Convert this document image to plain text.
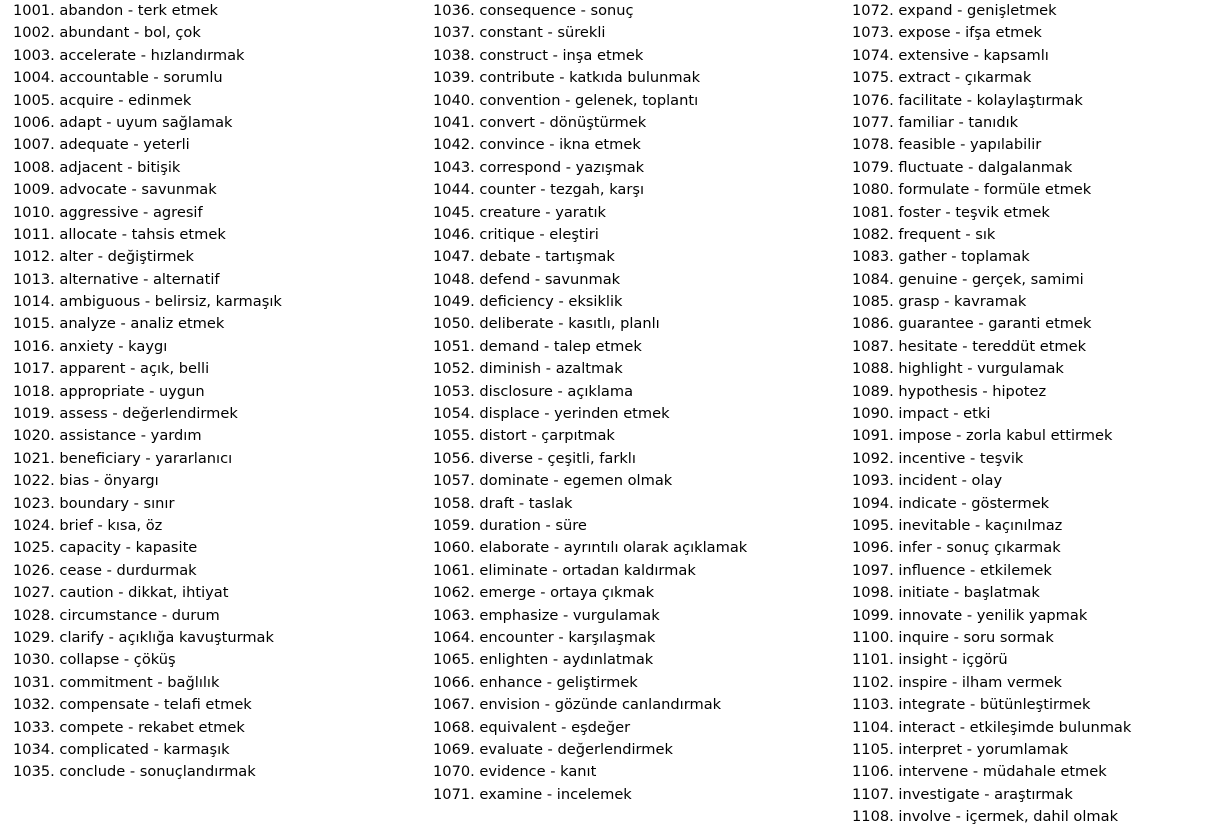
1001. abandon - terk etmek
1002. abundant - bol, çok
1003. accelerate - hızlandırmak
1004. accountable - sorumlu
1005. acquire - edinmek
1006. adapt - uyum sağlamak
1007. adequate - yeterli
1008. adjacent - bitişik
1009. advocate - savunmak
1010. aggressive - agresif
1011. allocate - tahsis etmek
1012. alter - değiştirmek
1013. alternative - alternatif
1014. ambiguous - belirsiz, karmaşık
1015. analyze - analiz etmek
1016. anxiety - kaygı
1017. apparent - açık, belli
1018. appropriate - uygun
1019. assess - değerlendirmek
1020. assistance - yardım
1021. beneficiary - yararlanıcı
1022. bias - önyargı
1023. boundary - sınır
1024. brief - kısa, öz
1025. capacity - kapasite
1026. cease - durdurmak
1027. caution - dikkat, ihtiyat
1028. circumstance - durum
1029. clarify - açıklığa kavuşturmak
1030. collapse - çöküş
1031. commitment - bağlılık
1032. compensate - telafi etmek
1033. compete - rekabet etmek
1034. complicated - karmaşık
1035. conclude - sonuçlandırmak
1036. consequence - sonuç
1037. constant - sürekli
1038. construct - inşa etmek
1039. contribute - katkıda bulunmak
1040. convention - gelenek, toplantı
1041. convert - dönüştürmek
1042. convince - ikna etmek
1043. correspond - yazışmak
1044. counter - tezgah, karşı
1045. creature - yaratık
1046. critique - eleştiri
1047. debate - tartışmak
1048. defend - savunmak
1049. deficiency - eksiklik
1050. deliberate - kasıtlı, planlı
1051. demand - talep etmek
1052. diminish - azaltmak
1053. disclosure - açıklama
1054. displace - yerinden etmek
1055. distort - çarpıtmak
1056. diverse - çeşitli, farklı
1057. dominate - egemen olmak
1058. draft - taslak
1059. duration - süre
1060. elaborate - ayrıntılı olarak açıklamak
1061. eliminate - ortadan kaldırmak
1062. emerge - ortaya çıkmak
1063. emphasize - vurgulamak
1064. encounter - karşılaşmak
1065. enlighten - aydınlatmak
1066. enhance - geliştirmek
1067. envision - gözünde canlandırmak
1068. equivalent - eşdeğer
1069. evaluate - değerlendirmek
1070. evidence - kanıt
1071. examine - incelemek
1072. expand - genişletmek
1073. expose - ifşa etmek
1074. extensive - kapsamlı
1075. extract - çıkarmak
1076. facilitate - kolaylaştırmak
1077. familiar - tanıdık
1078. feasible - yapılabilir
1079. fluctuate - dalgalanmak
1080. formulate - formüle etmek
1081. foster - teşvik etmek
1082. frequent - sık
1083. gather - toplamak
1084. genuine - gerçek, samimi
1085. grasp - kavramak
1086. guarantee - garanti etmek
1087. hesitate - tereddüt etmek
1088. highlight - vurgulamak
1089. hypothesis - hipotez
1090. impact - etki
1091. impose - zorla kabul ettirmek
1092. incentive - teşvik
1093. incident - olay
1094. indicate - göstermek
1095. inevitable - kaçınılmaz
1096. infer - sonuç çıkarmak
1097. influence - etkilemek
1098. initiate - başlatmak
1099. innovate - yenilik yapmak
1100. inquire - soru sormak
1101. insight - içgörü
1102. inspire - ilham vermek
1103. integrate - bütünleştirmek
1104. interact - etkileşimde bulunmak
1105. interpret - yorumlamak
1106. intervene - müdahale etmek
1107. investigate - araştırmak
1108. involve - içermek, dahil olmak
